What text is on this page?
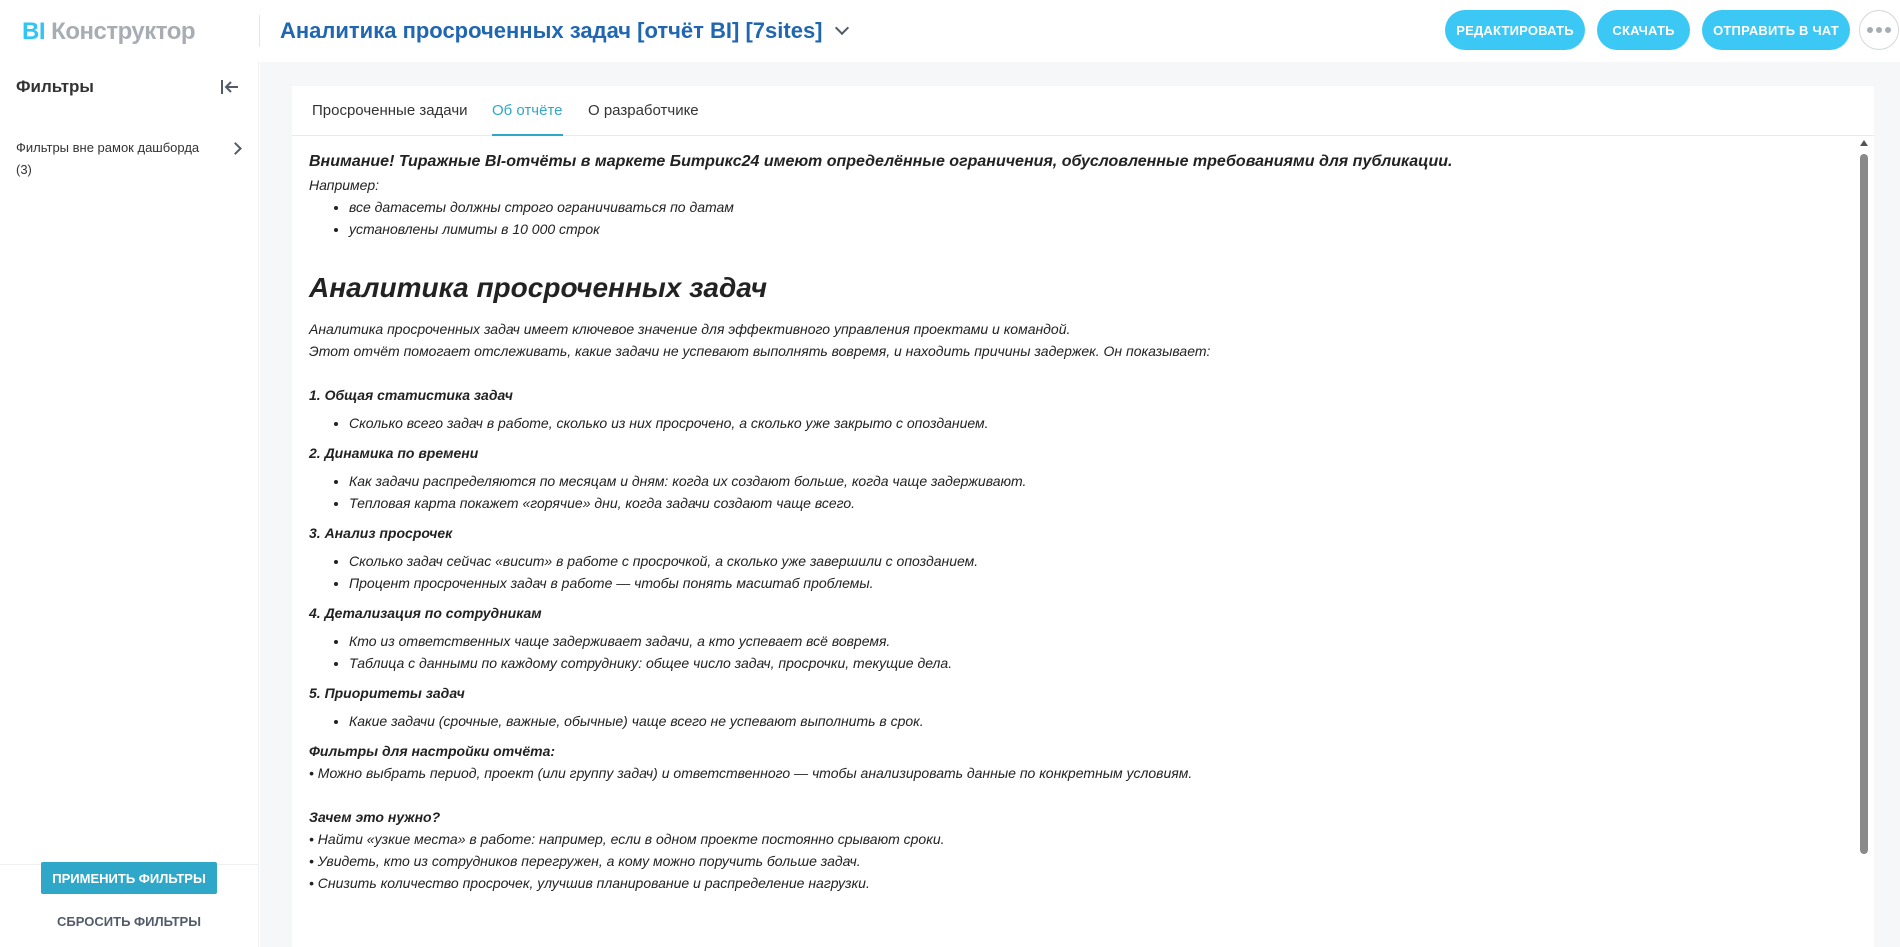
BI Конструктор	Аналитика просроченных задач [отчёт BI] [7sites]	РЕДАКТИРОВАТЬ	СКАЧАТЬ	ОТПРАВИТЬ В ЧАТ
Фильтры
Фильтры вне рамок дашборда (3)
ПРИМЕНИТЬ ФИЛЬТРЫ
СБРОСИТЬ ФИЛЬТРЫ
Просроченные задачи Об отчёте О разработчике
Внимание! Тиражные BI-отчёты в маркете Битрикс24 имеют определённые ограничения, обусловленные требованиями для публикации.
Например:
• все датасеты должны строго ограничиваться по датам
• установлены лимиты в 10 000 строк
Аналитика просроченных задач
Аналитика просроченных задач имеет ключевое значение для эффективного управления проектами и командой.
Этот отчёт помогает отслеживать, какие задачи не успевают выполнять вовремя, и находить причины задержек. Он показывает:
1. Общая статистика задач
• Сколько всего задач в работе, сколько из них просрочено, а сколько уже закрыто с опозданием.
2. Динамика по времени
• Как задачи распределяются по месяцам и дням: когда их создают больше, когда чаще задерживают.
• Тепловая карта покажет «горячие» дни, когда задачи создают чаще всего.
3. Анализ просрочек
• Сколько задач сейчас «висит» в работе с просрочкой, а сколько уже завершили с опозданием.
• Процент просроченных задач в работе — чтобы понять масштаб проблемы.
4. Детализация по сотрудникам
• Кто из ответственных чаще задерживает задачи, а кто успевает всё вовремя.
• Таблица с данными по каждому сотруднику: общее число задач, просрочки, текущие дела.
5. Приоритеты задач
• Какие задачи (срочные, важные, обычные) чаще всего не успевают выполнить в срок.
Фильтры для настройки отчёта:
• Можно выбрать период, проект (или группу задач) и ответственного — чтобы анализировать данные по конкретным условиям.
Зачем это нужно?
• Найти «узкие места» в работе: например, если в одном проекте постоянно срывают сроки.
• Увидеть, кто из сотрудников перегружен, а кому можно поручить больше задач.
• Снизить количество просрочек, улучшив планирование и распределение нагрузки.
